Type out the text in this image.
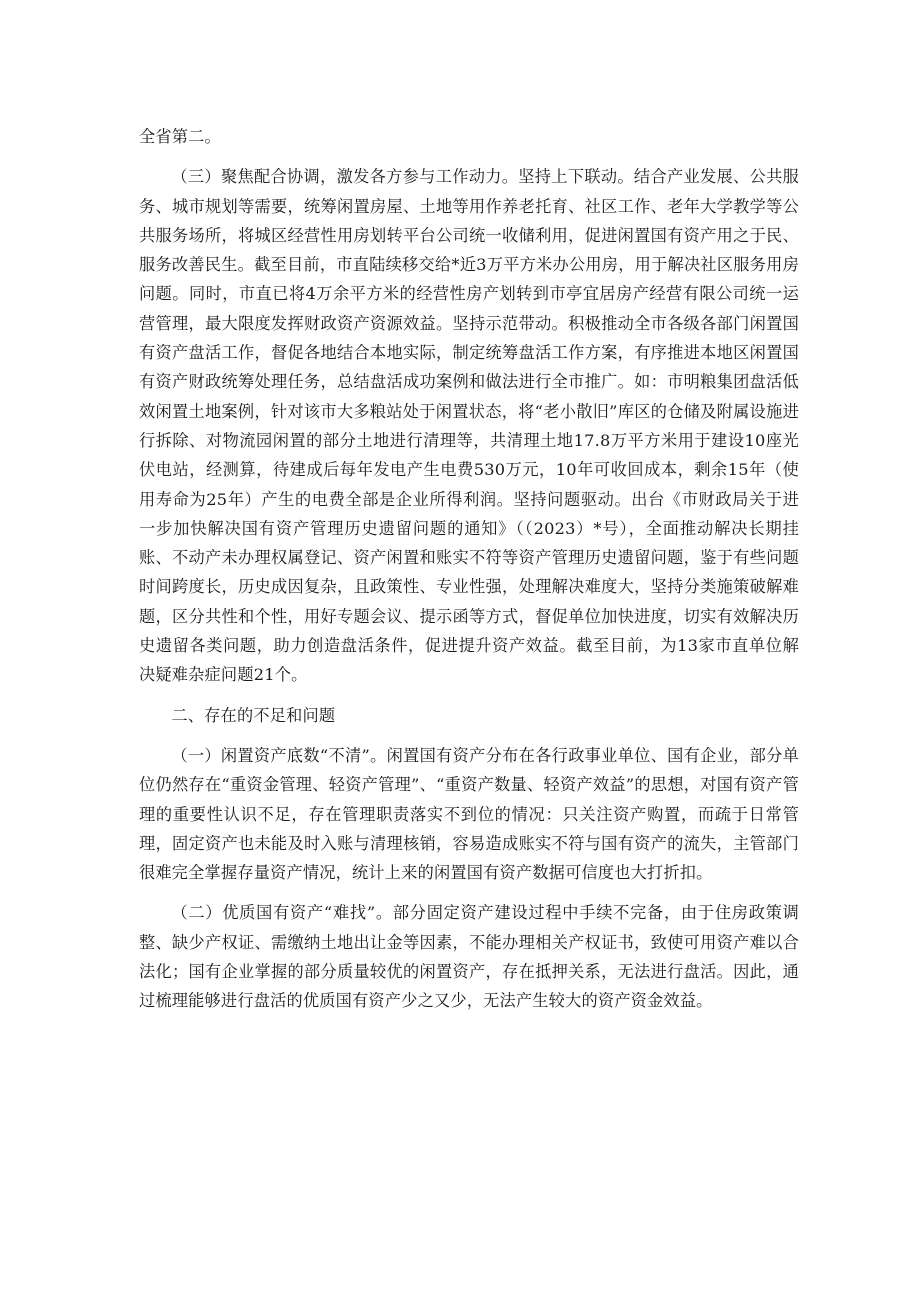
全省第二。

（三）聚焦配合协调，激发各方参与工作动力。坚持上下联动。结合产业发展、公共服务、城市规划等需要，统筹闲置房屋、土地等用作养老托育、社区工作、老年大学教学等公共服务场所，将城区经营性用房划转平台公司统一收储利用，促进闲置国有资产用之于民、服务改善民生。截至目前，市直陆续移交给*近3万平方米办公用房，用于解决社区服务用房问题。同时，市直已将4万余平方米的经营性房产划转到市亭宜居房产经营有限公司统一运营管理，最大限度发挥财政资产资源效益。坚持示范带动。积极推动全市各级各部门闲置国有资产盘活工作，督促各地结合本地实际，制定统筹盘活工作方案，有序推进本地区闲置国有资产财政统筹处理任务，总结盘活成功案例和做法进行全市推广。如：市明粮集团盘活低效闲置土地案例，针对该市大多粮站处于闲置状态，将“老小散旧”库区的仓储及附属设施进行拆除、对物流园闲置的部分土地进行清理等，共清理土地17.8万平方米用于建设10座光伏电站，经测算，待建成后每年发电产生电费530万元，10年可收回成本，剩余15年（使用寿命为25年）产生的电费全部是企业所得利润。坚持问题驱动。出台《市财政局关于进一步加快解决国有资产管理历史遗留问题的通知》（（2023）*号），全面推动解决长期挂账、不动产未办理权属登记、资产闲置和账实不符等资产管理历史遗留问题，鉴于有些问题时间跨度长，历史成因复杂，且政策性、专业性强，处理解决难度大，坚持分类施策破解难题，区分共性和个性，用好专题会议、提示函等方式，督促单位加快进度，切实有效解决历史遗留各类问题，助力创造盘活条件，促进提升资产效益。截至目前，为13家市直单位解决疑难杂症问题21个。

二、存在的不足和问题

（一）闲置资产底数“不清”。闲置国有资产分布在各行政事业单位、国有企业，部分单位仍然存在“重资金管理、轻资产管理”、“重资产数量、轻资产效益”的思想，对国有资产管理的重要性认识不足，存在管理职责落实不到位的情况：只关注资产购置，而疏于日常管理，固定资产也未能及时入账与清理核销，容易造成账实不符与国有资产的流失，主管部门很难完全掌握存量资产情况，统计上来的闲置国有资产数据可信度也大打折扣。

（二）优质国有资产“难找”。部分固定资产建设过程中手续不完备，由于住房政策调整、缺少产权证、需缴纳土地出让金等因素，不能办理相关产权证书，致使可用资产难以合法化；国有企业掌握的部分质量较优的闲置资产，存在抵押关系，无法进行盘活。因此，通过梳理能够进行盘活的优质国有资产少之又少，无法产生较大的资产资金效益。
